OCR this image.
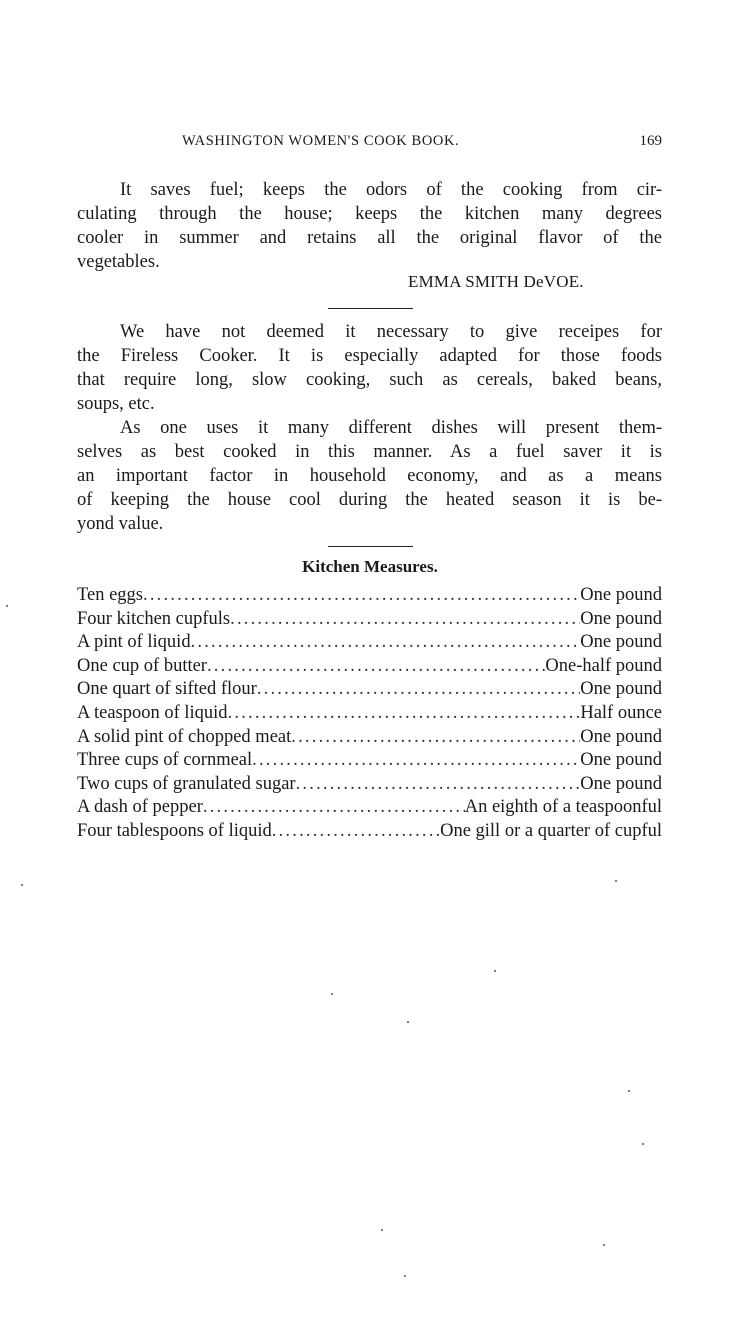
WASHINGTON WOMEN'S COOK BOOK.	169
It saves fuel; keeps the odors of the cooking from cir-
culating through the house; keeps the kitchen many degrees
cooler in summer and retains all the original flavor of the
vegetables.
EMMA SMITH DeVOE.
We have not deemed it necessary to give receipes for
the Fireless Cooker. It is especially adapted for those foods
that require long, slow cooking, such as cereals, baked beans,
soups, etc.
As one uses it many different dishes will present them-
selves as best cooked in this manner. As a fuel saver it is
an important factor in household economy, and as a means
of keeping the house cool during the heated season it is be-
yond value.
Kitchen Measures.
Ten eggs .....	One pound
Four kitchen cupfuls .....	One pound
A pint of liquid .....	One pound
One cup of butter .....	One-half pound
One quart of sifted flour .....	One pound
A teaspoon of liquid .....	Half ounce
A solid pint of chopped meat .....	One pound
Three cups of cornmeal .....	One pound
Two cups of granulated sugar .....	One pound
A dash of pepper .....	An eighth of a teaspoonful
Four tablespoons of liquid .....	One gill or a quarter of cupful
